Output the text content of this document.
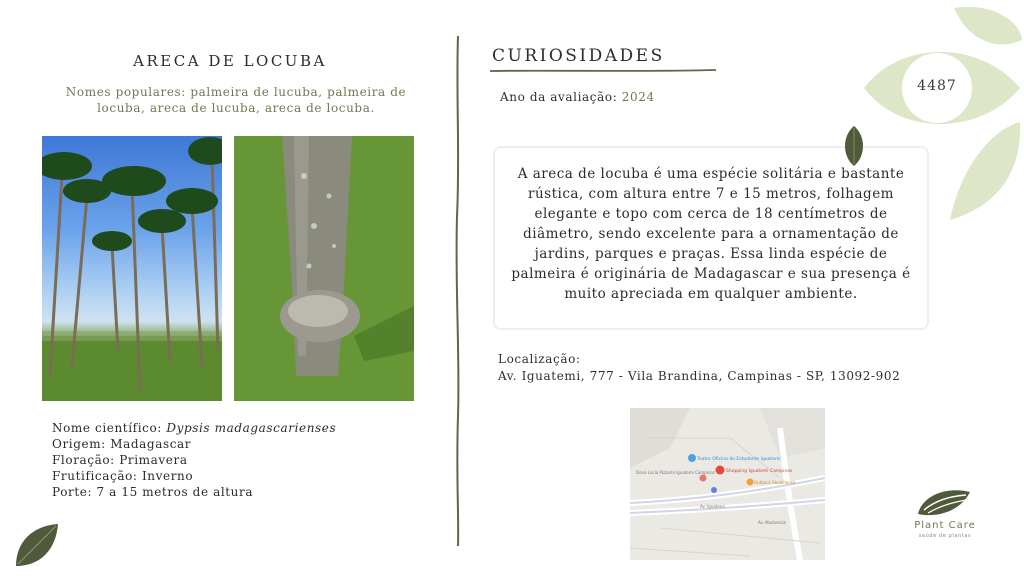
ARECA DE LOCUBA
Nomes populares: palmeira de lucuba, palmeira de locuba, areca de lucuba, areca de locuba.
Nome científico: Dypsis madagascarienses
Origem: Madagascar
Floração: Primavera
Frutificação: Inverno
Porte: 7 a 15 metros de altura
CURIOSIDADES
Ano da avaliação: 2024
A areca de locuba é uma espécie solitária e bastante rústica, com altura entre 7 e 15 metros, folhagem elegante e topo com cerca de 18 centímetros de diâmetro, sendo excelente para a ornamentação de jardins, parques e praças. Essa linda espécie de palmeira é originária de Madagascar e sua presença é muito apreciada em qualquer ambiente.
Localização:
Av. Iguatemi, 777 - Vila Brandina, Campinas - SP, 13092-902
Teatro Oficina do Estudante Iguatemi
Shopping Iguatemi Campinas
Dona Lúcia Pizzaria Iguatemi Campinas
Outback Steakhouse
Av. Iguatemi
Av. Mackenzie
4487
Plant Care
saúde de plantas
